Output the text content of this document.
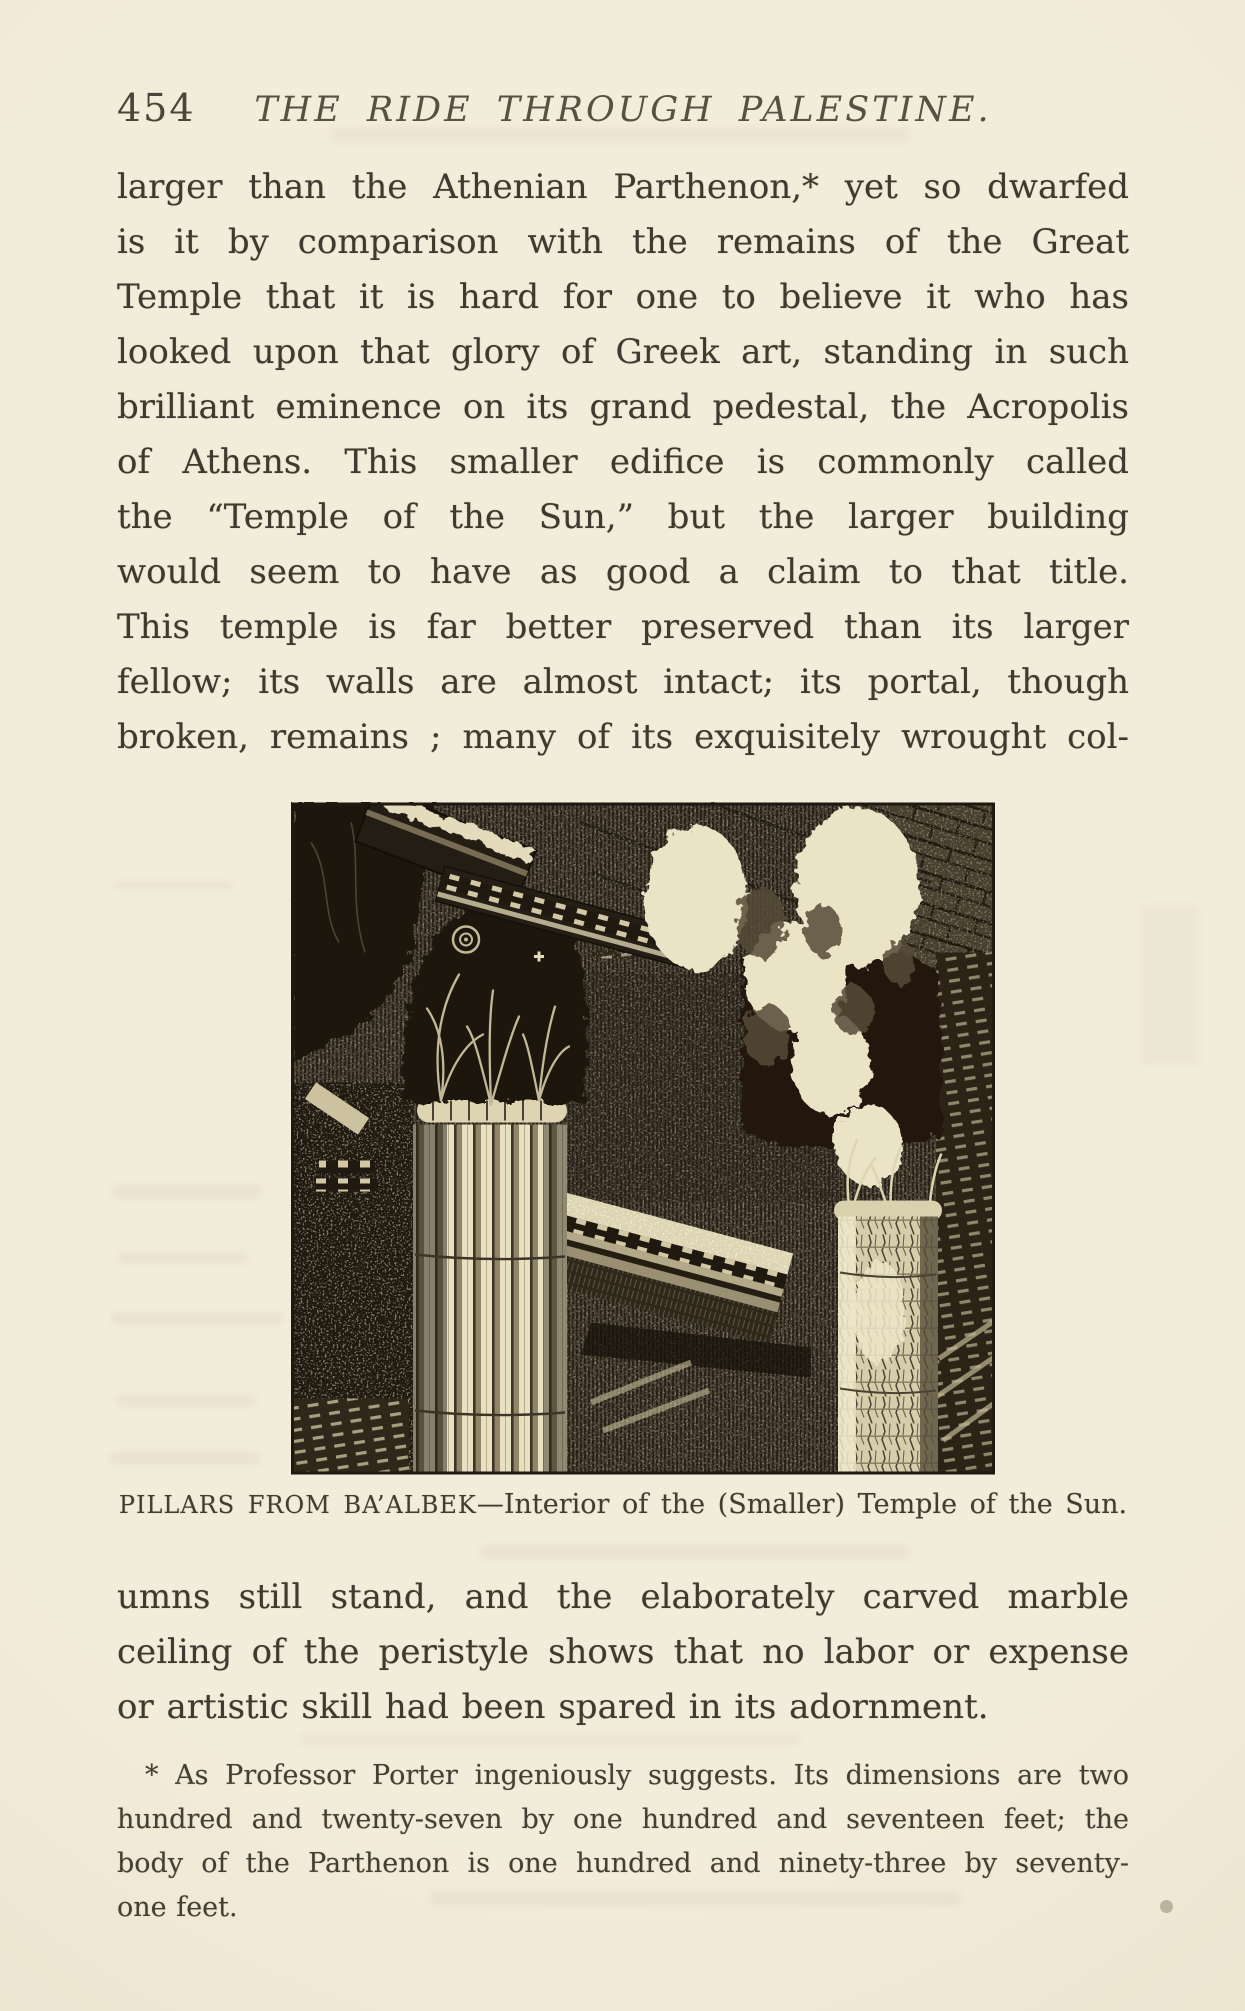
454	THE RIDE THROUGH PALESTINE.
larger than the Athenian Parthenon,* yet so dwarfed
is it by comparison with the remains of the Great
Temple that it is hard for one to believe it who has
looked upon that glory of Greek art, standing in such
brilliant eminence on its grand pedestal, the Acropolis
of Athens. This smaller edifice is commonly called
the “Temple of the Sun,” but the larger building
would seem to have as good a claim to that title.
This temple is far better preserved than its larger
fellow; its walls are almost intact; its portal, though
broken, remains ; many of its exquisitely wrought col-
PILLARS FROM BA’ALBEK—Interior of the (Smaller) Temple of the Sun.
umns still stand, and the elaborately carved marble
ceiling of the peristyle shows that no labor or expense
or artistic skill had been spared in its adornment.
* As Professor Porter ingeniously suggests. Its dimensions are two
hundred and twenty-seven by one hundred and seventeen feet; the
body of the Parthenon is one hundred and ninety-three by seventy-
one feet.
